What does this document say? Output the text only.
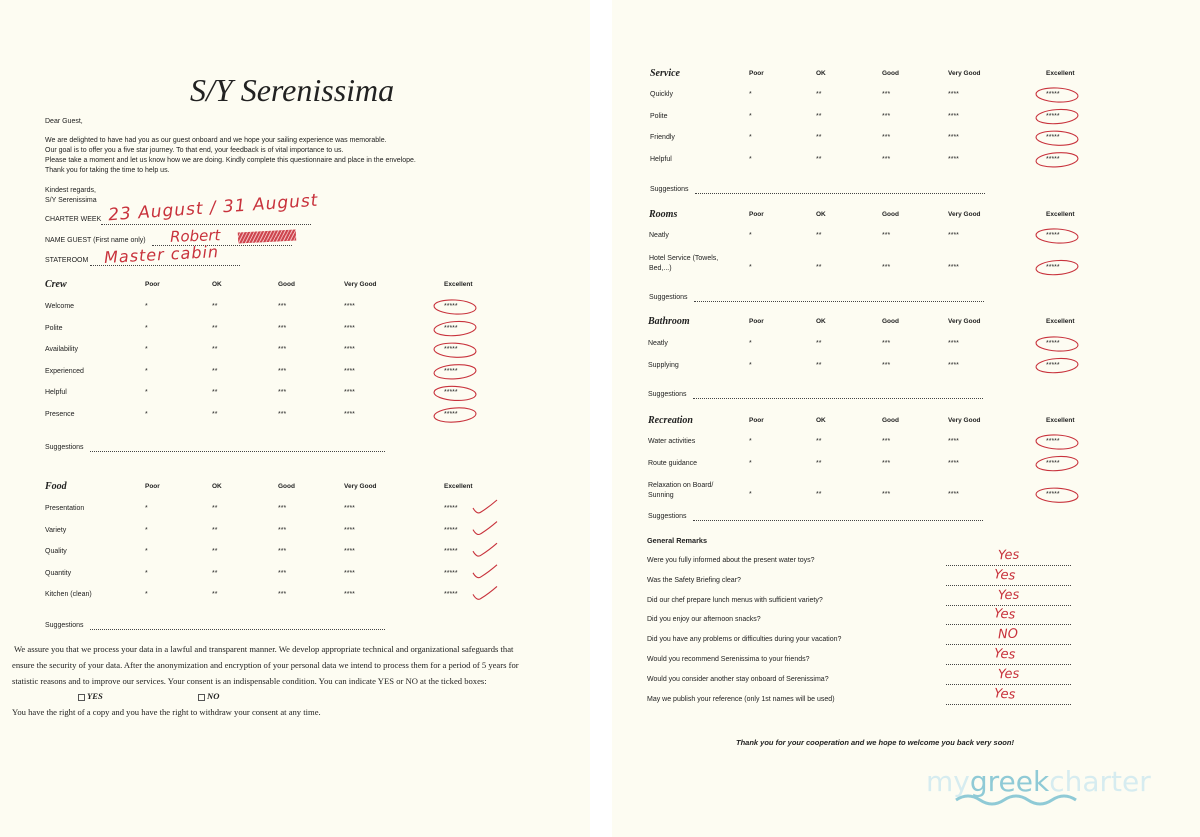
S/Y Serenissima
Dear Guest,
We are delighted to have had you as our guest onboard and we hope your sailing experience was memorable.
Our goal is to offer you a five star journey. To that end, your feedback is of vital importance to us.
Please take a moment and let us know how we are doing. Kindly complete this questionnaire and place in the envelope.
Thank you for taking the time to help us.
Kindest regards,
S/Y Serenissima
CHARTER WEEK 23 August / 31 August
NAME GUEST (First name only) Robert
STATEROOM Master cabin
Crew	Poor	OK	Good	Very Good	Excellent
Welcome	*	**	***	****	*****
Polite	*	**	***	****	*****
Availability	*	**	***	****	*****
Experienced	*	**	***	****	*****
Helpful	*	**	***	****	*****
Presence	*	**	***	****	*****
Suggestions
Food	Poor	OK	Good	Very Good	Excellent
Presentation	*	**	***	****	*****
Variety	*	**	***	****	*****
Quality	*	**	***	****	*****
Quantity	*	**	***	****	*****
Kitchen (clean)	*	**	***	****	*****
Suggestions
Service	Poor	OK	Good	Very Good	Excellent
Quickly	*	**	***	****	*****
Polite	*	**	***	****	*****
Friendly	*	**	***	****	*****
Helpful	*	**	***	****	*****
Suggestions
Rooms	Poor	OK	Good	Very Good	Excellent
Neatly	*	**	***	****	*****
Hotel Service (Towels, Bed,...)	*	**	***	****	*****
Suggestions
Bathroom	Poor	OK	Good	Very Good	Excellent
Neatly	*	**	***	****	*****
Supplying	*	**	***	****	*****
Suggestions
Recreation	Poor	OK	Good	Very Good	Excellent
Water activities	*	**	***	****	*****
Route guidance	*	**	***	****	*****
Relaxation on Board/ Sunning	*	**	***	****	*****
Suggestions
We assure you that we process your data in a lawful and transparent manner. We develop appropriate technical and organizational safeguards that
ensure the security of your data. After the anonymization and encryption of your personal data we intend to process them for a period of 5 years for
statistic reasons and to improve our services. Your consent is an indispensable condition. You can indicate YES or NO at the ticked boxes:
YES	NO
You have the right of a copy and you have the right to withdraw your consent at any time.
General Remarks
Were you fully informed about the present water toys?	Yes
Was the Safety Briefing clear?	Yes
Did our chef prepare lunch menus with sufficient variety?	Yes
Did you enjoy our afternoon snacks?	Yes
Did you have any problems or difficulties during your vacation?	NO
Would you recommend Serenissima to your friends?	Yes
Would you consider another stay onboard of Serenissima?	Yes
May we publish your reference (only 1st names will be used)	Yes
Thank you for your cooperation and we hope to welcome you back very soon!
mygreekcharter
